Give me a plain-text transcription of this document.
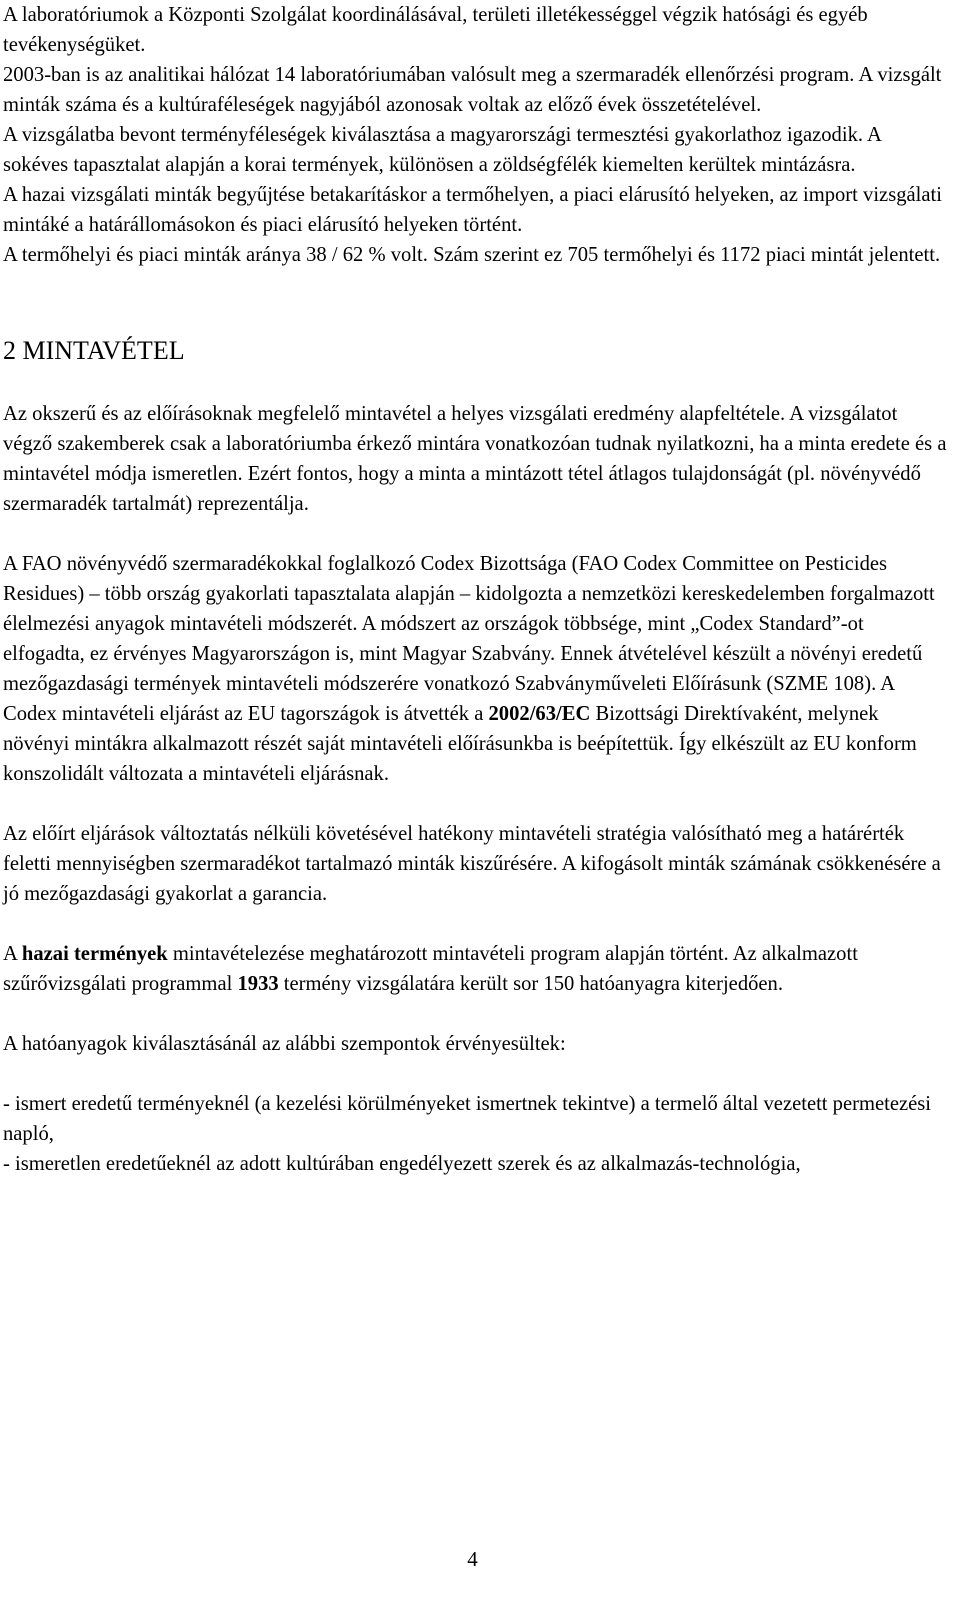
A laboratóriumok a Központi Szolgálat koordinálásával, területi illetékességgel végzik hatósági és egyéb tevékenységüket.

2003-ban is az analitikai hálózat 14 laboratóriumában valósult meg a szermaradék ellenőrzési program. A vizsgált minták száma és a kultúraféleségek nagyjából azonosak voltak az előző évek összetételével.

A vizsgálatba bevont terményféleségek kiválasztása a magyarországi termesztési gyakorlathoz igazodik. A sokéves tapasztalat alapján a korai termények, különösen a zöldségfélék kiemelten kerültek mintázásra.

A hazai vizsgálati minták begyűjtése betakarításkor a termőhelyen, a piaci elárusító helyeken, az import vizsgálati mintáké a határállomásokon és piaci elárusító helyeken történt.

A termőhelyi és piaci minták aránya 38 / 62 % volt. Szám szerint ez 705 termőhelyi és 1172 piaci mintát jelentett.

2 MINTAVÉTEL

Az okszerű és az előírásoknak megfelelő mintavétel a helyes vizsgálati eredmény alapfeltétele. A vizsgálatot végző szakemberek csak a laboratóriumba érkező mintára vonatkozóan tudnak nyilatkozni, ha a minta eredete és a mintavétel módja ismeretlen. Ezért fontos, hogy a minta a mintázott tétel átlagos tulajdonságát (pl. növényvédő szermaradék tartalmát) reprezentálja.

A FAO növényvédő szermaradékokkal foglalkozó Codex Bizottsága (FAO Codex Committee on Pesticides Residues) – több ország gyakorlati tapasztalata alapján – kidolgozta a nemzetközi kereskedelemben forgalmazott élelmezési anyagok mintavételi módszerét. A módszert az országok többsége, mint „Codex Standard”-ot elfogadta, ez érvényes Magyarországon is, mint Magyar Szabvány. Ennek átvételével készült a növényi eredetű mezőgazdasági termények mintavételi módszerére vonatkozó Szabványműveleti Előírásunk (SZME 108). A Codex mintavételi eljárást az EU tagországok is átvették a 2002/63/EC Bizottsági Direktívaként, melynek növényi mintákra alkalmazott részét saját mintavételi előírásunkba is beépítettük. Így elkészült az EU konform konszolidált változata a mintavételi eljárásnak.

Az előírt eljárások változtatás nélküli követésével hatékony mintavételi stratégia valósítható meg a határérték feletti mennyiségben szermaradékot tartalmazó minták kiszűrésére. A kifogásolt minták számának csökkenésére a jó mezőgazdasági gyakorlat a garancia.

A hazai termények mintavételezése meghatározott mintavételi program alapján történt. Az alkalmazott szűrővizsgálati programmal 1933 termény vizsgálatára került sor 150 hatóanyagra kiterjedően.

A hatóanyagok kiválasztásánál az alábbi szempontok érvényesültek:

- ismert eredetű terményeknél (a kezelési körülményeket ismertnek tekintve) a termelő által vezetett permetezési napló,

- ismeretlen eredetűeknél az adott kultúrában engedélyezett szerek és az alkalmazás-technológia,

4
